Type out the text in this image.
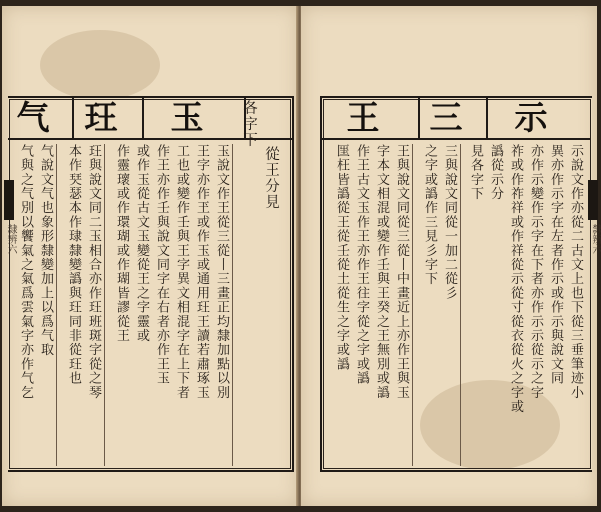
气 玨	玉
隸辨六
從王分見
各字下
玉說文作王從三從丨三畫正均隸加點以別
王字亦作玊或作玉或通用玨王讀若肅琢玉
工也或變作壬與王字異文相混字在上下者
作王亦作壬與說文同字在右者亦作王玉
或作玉從古文玉變從王之字靈或
作靈瓌或作環瑚或作瑚皆謬從王
玨與說文同二玉相合亦作玨班斑字從之琴
本作珡瑟本作㻖隸變譌與玨同非從玨也
气說文气也象形隸變加上以爲气取
气與之气別以饗氣之氣爲雲氣字亦作气乞
王	三	示
隸辨六
示說文作亦從二古文上也下從三垂筆迹小
異亦作示字在左者作示或作示與說文同
亦作示變作示字在下者亦作示示從示之字
祚或作祚祥或作祥從示從寸從衣從火之字或
譌從示分
見各字下
三與說文同從一加二從彡
之字或譌作三見彡字下
王與說文同從三從丨中畫近上亦作王與玉
字本文相混或變作壬與王癸之王無別或譌
作王古文玉作王亦作王往字從之字或譌
匩枉皆譌從王從壬從土從生之字或譌
